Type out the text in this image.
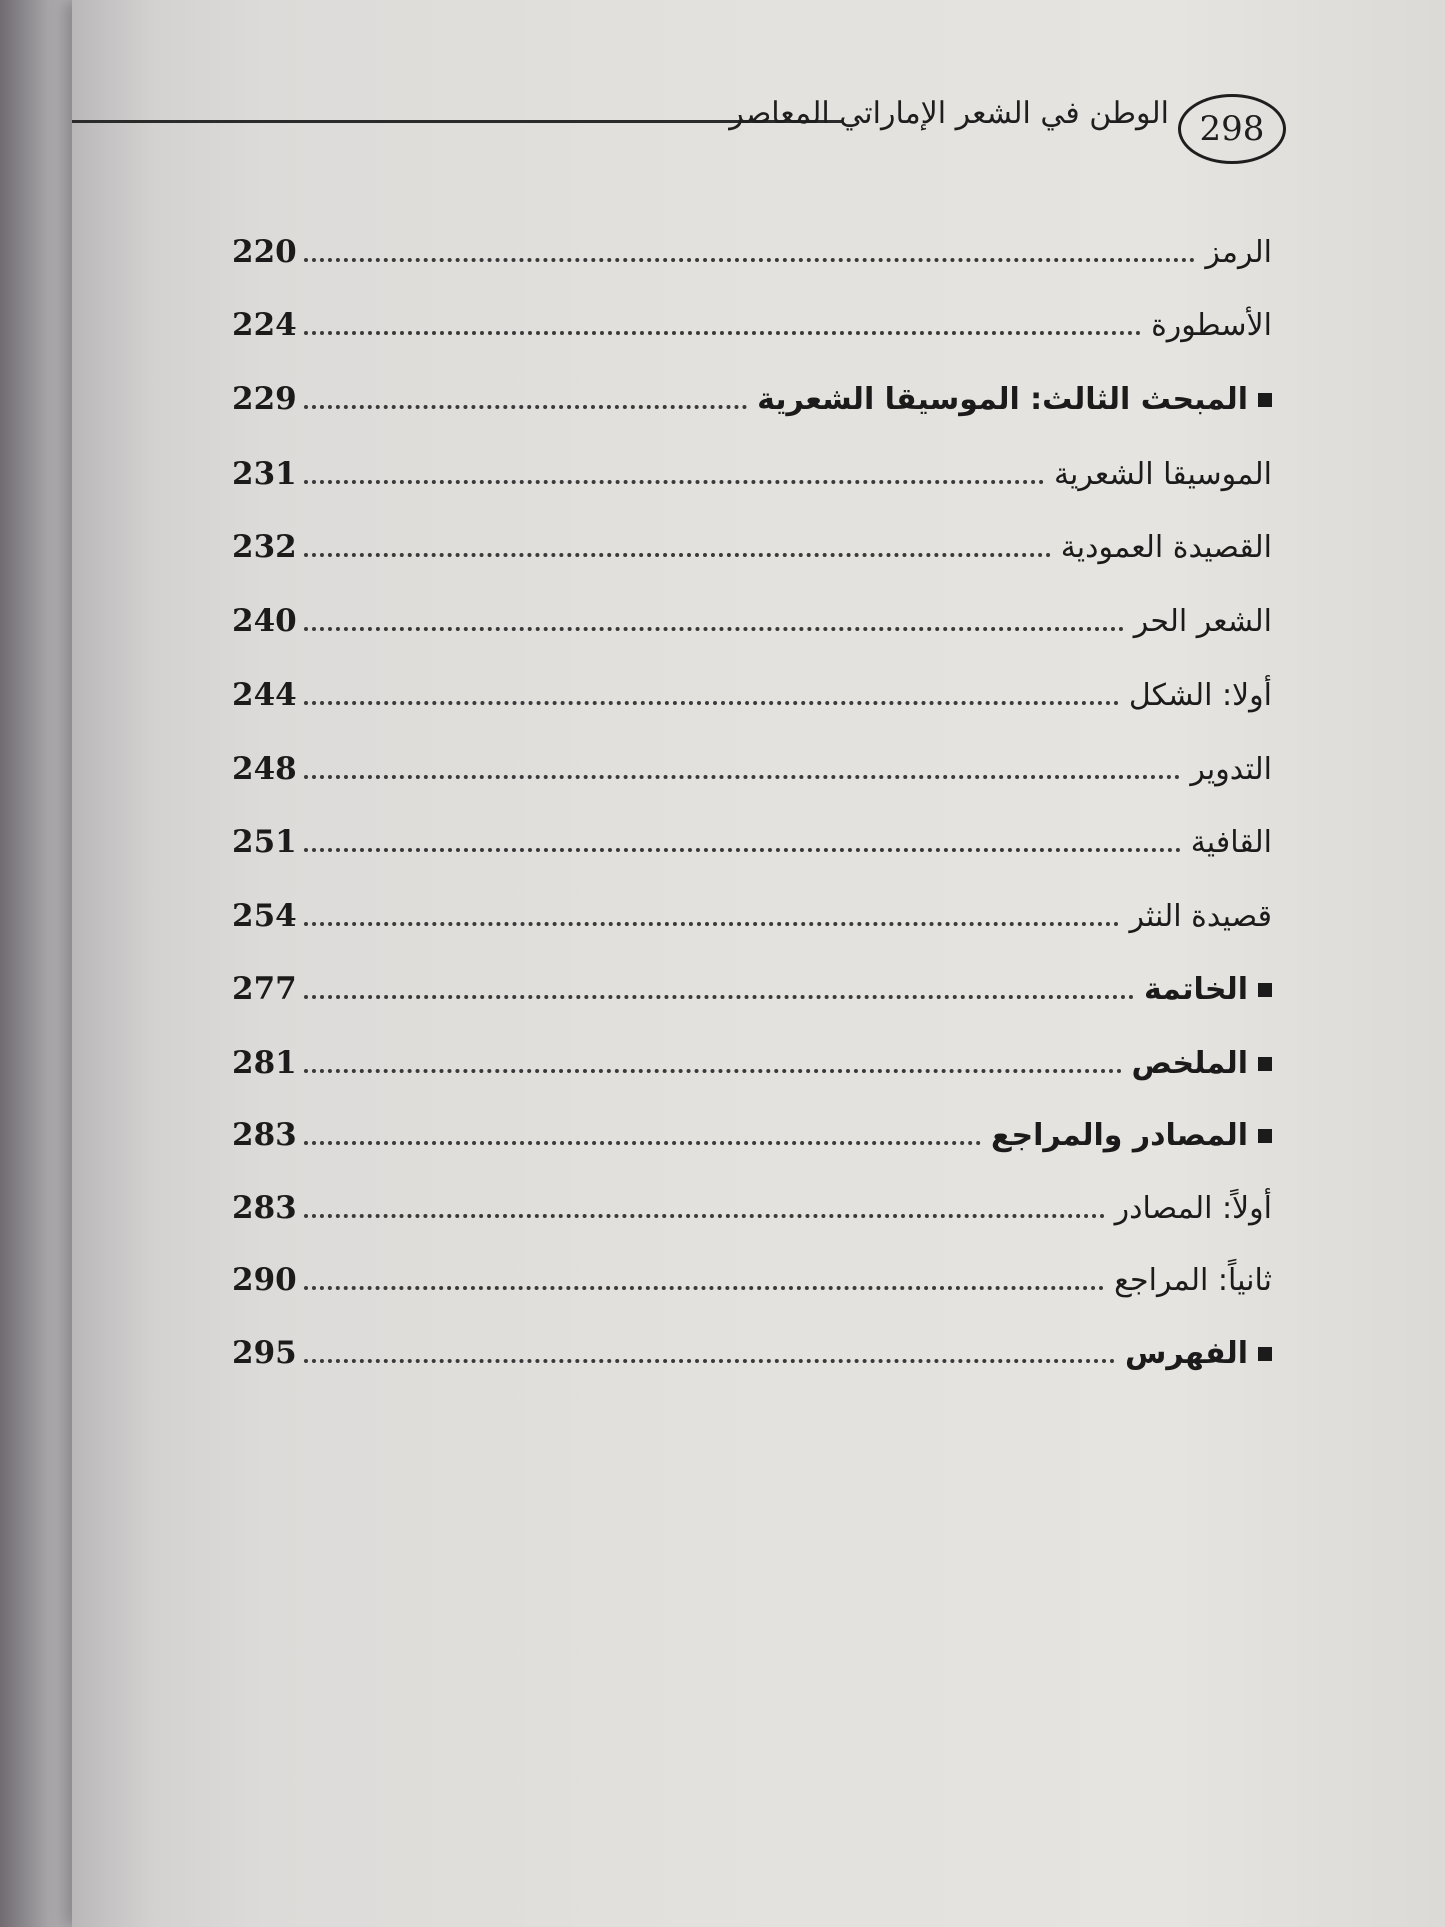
الوطن في الشعر الإماراتي المعاصر 298
الرمز
220
الأسطورة
224
المبحث الثالث: الموسيقا الشعرية
229
الموسيقا الشعرية
231
القصيدة العمودية
232
الشعر الحر
240
أولا: الشكل
244
التدوير
248
القافية
251
قصيدة النثر
254
الخاتمة
277
الملخص
281
المصادر والمراجع
283
أولاً: المصادر
283
ثانياً: المراجع
290
الفهرس
295
